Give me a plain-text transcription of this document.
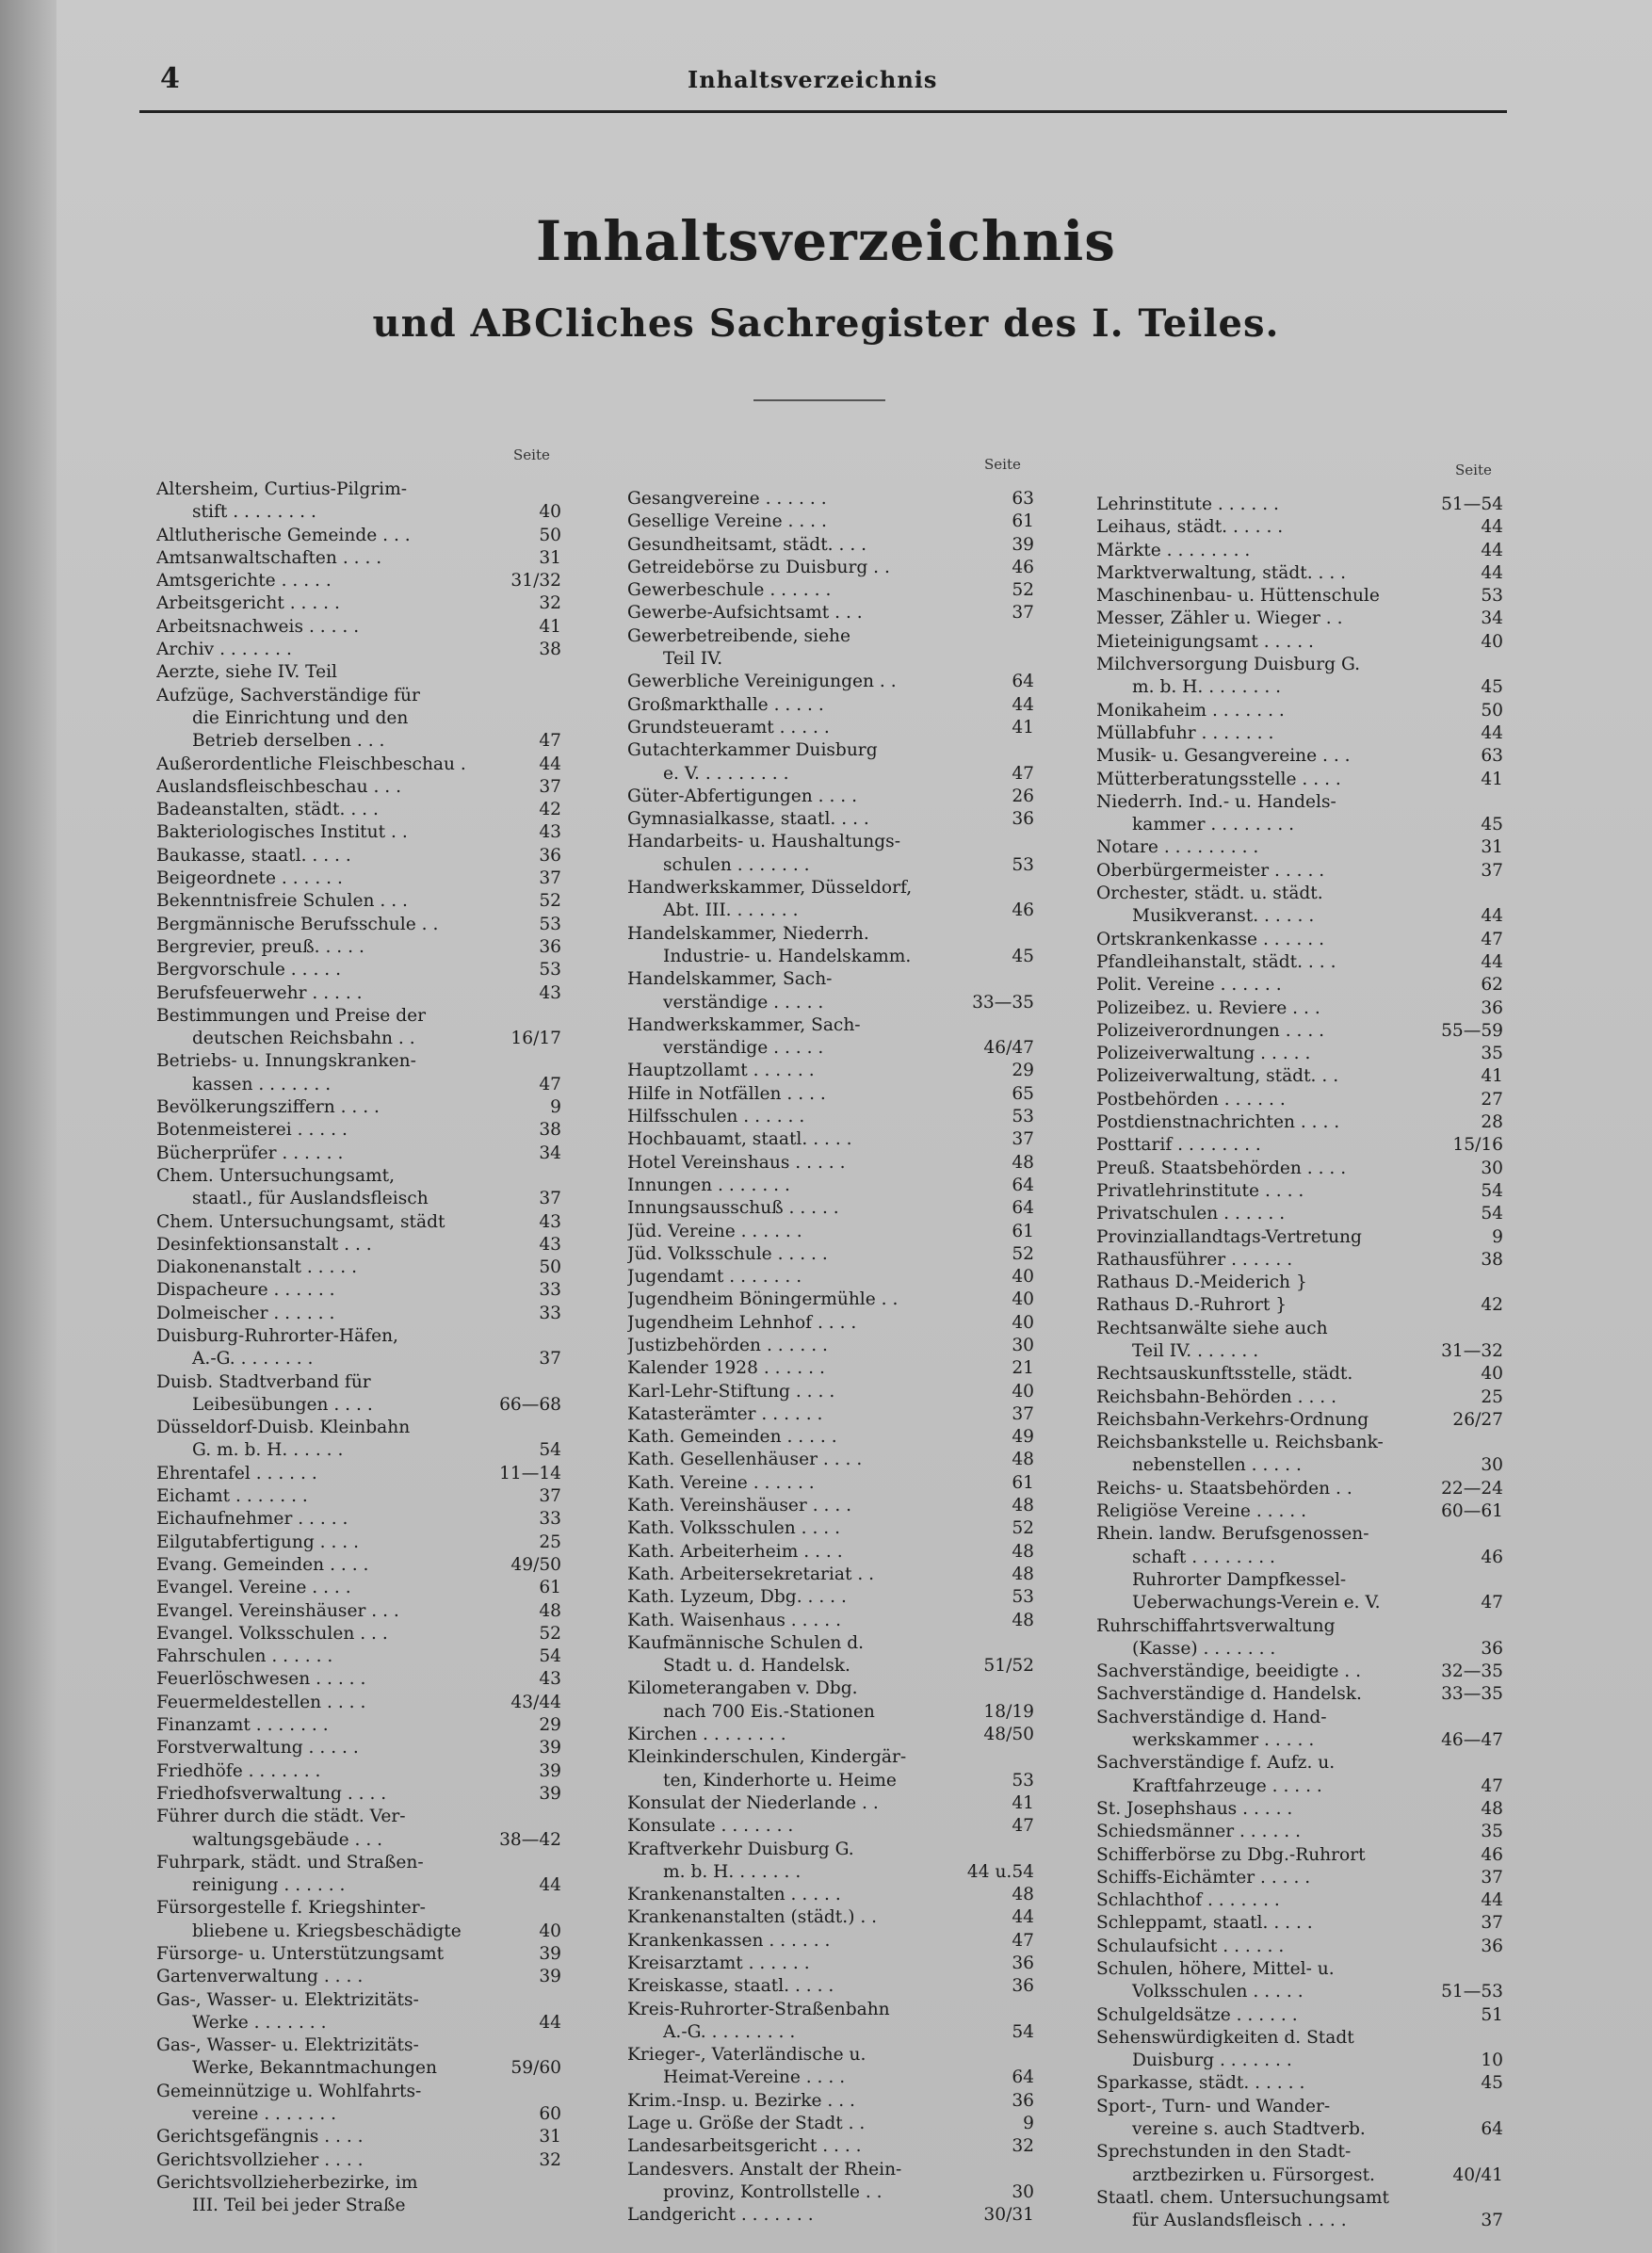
4	Inhaltsverzeichnis
Inhaltsverzeichnis
und ABCliches Sachregister des I. Teiles.
Seite
Seite	Seite
Altersheim, Curtius-Pilgrim-
stift . . . . . . . .	40
Altlutherische Gemeinde . . .	50
Amtsanwaltschaften . . . .	31
Amtsgerichte . . . . .	31/32
Arbeitsgericht . . . . .	32
Arbeitsnachweis . . . . .	41
Archiv . . . . . . .	38
Aerzte, siehe IV. Teil
Aufzüge, Sachverständige für
die Einrichtung und den
Betrieb derselben . . .	47
Außerordentliche Fleischbeschau .	44
Auslandsfleischbeschau . . .	37
Badeanstalten, städt. . . .	42
Bakteriologisches Institut . .	43
Baukasse, staatl. . . . .	36
Beigeordnete . . . . . .	37
Bekenntnisfreie Schulen . . .	52
Bergmännische Berufsschule . .	53
Bergrevier, preuß. . . . .	36
Bergvorschule . . . . .	53
Berufsfeuerwehr . . . . .	43
Bestimmungen und Preise der
deutschen Reichsbahn . .	16/17
Betriebs- u. Innungskranken-
kassen . . . . . . .	47
Bevölkerungsziffern . . . .	9
Botenmeisterei . . . . .	38
Bücherprüfer . . . . . .	34
Chem. Untersuchungsamt,
staatl., für Auslandsfleisch	37
Chem. Untersuchungsamt, städt	43
Desinfektionsanstalt . . .	43
Diakonenanstalt . . . . .	50
Dispacheure . . . . . .	33
Dolmeischer . . . . . .	33
Duisburg-Ruhrorter-Häfen,
A.-G. . . . . . . .	37
Duisb. Stadtverband für
Leibesübungen . . . .	66—68
Düsseldorf-Duisb. Kleinbahn
G. m. b. H. . . . . .	54
Ehrentafel . . . . . .	11—14
Eichamt . . . . . . .	37
Eichaufnehmer . . . . .	33
Eilgutabfertigung . . . .	25
Evang. Gemeinden . . . .	49/50
Evangel. Vereine . . . .	61
Evangel. Vereinshäuser . . .	48
Evangel. Volksschulen . . .	52
Fahrschulen . . . . . .	54
Feuerlöschwesen . . . . .	43
Feuermeldestellen . . . .	43/44
Finanzamt . . . . . . .	29
Forstverwaltung . . . . .	39
Friedhöfe . . . . . . .	39
Friedhofsverwaltung . . . .	39
Führer durch die städt. Ver-
waltungsgebäude . . .	38—42
Fuhrpark, städt. und Straßen-
reinigung . . . . . .	44
Fürsorgestelle f. Kriegshinter-
bliebene u. Kriegsbeschädigte	40
Fürsorge- u. Unterstützungsamt	39
Gartenverwaltung . . . .	39
Gas-, Wasser- u. Elektrizitäts-
Werke . . . . . . .	44
Gas-, Wasser- u. Elektrizitäts-
Werke, Bekanntmachungen	59/60
Gemeinnützige u. Wohlfahrts-
vereine . . . . . . .	60
Gerichtsgefängnis . . . .	31
Gerichtsvollzieher . . . .	32
Gerichtsvollzieherbezirke, im
III. Teil bei jeder Straße
Gesangvereine . . . . . .	63
Gesellige Vereine . . . .	61
Gesundheitsamt, städt. . . .	39
Getreidebörse zu Duisburg . .	46
Gewerbeschule . . . . . .	52
Gewerbe-Aufsichtsamt . . .	37
Gewerbetreibende, siehe
Teil IV.
Gewerbliche Vereinigungen . .	64
Großmarkthalle . . . . .	44
Grundsteueramt . . . . .	41
Gutachterkammer Duisburg
e. V. . . . . . . . .	47
Güter-Abfertigungen . . . .	26
Gymnasialkasse, staatl. . . .	36
Handarbeits- u. Haushaltungs-
schulen . . . . . . .	53
Handwerkskammer, Düsseldorf,
Abt. III. . . . . . .	46
Handelskammer, Niederrh.
Industrie- u. Handelskamm.	45
Handelskammer, Sach-
verständige . . . . .	33—35
Handwerkskammer, Sach-
verständige . . . . .	46/47
Hauptzollamt . . . . . .	29
Hilfe in Notfällen . . . .	65
Hilfsschulen . . . . . .	53
Hochbauamt, staatl. . . . .	37
Hotel Vereinshaus . . . . .	48
Innungen . . . . . . .	64
Innungsausschuß . . . . .	64
Jüd. Vereine . . . . . .	61
Jüd. Volksschule . . . . .	52
Jugendamt . . . . . . .	40
Jugendheim Böningermühle . .	40
Jugendheim Lehnhof . . . .	40
Justizbehörden . . . . . .	30
Kalender 1928 . . . . . .	21
Karl-Lehr-Stiftung . . . .	40
Katasterämter . . . . . .	37
Kath. Gemeinden . . . . .	49
Kath. Gesellenhäuser . . . .	48
Kath. Vereine . . . . . .	61
Kath. Vereinshäuser . . . .	48
Kath. Volksschulen . . . .	52
Kath. Arbeiterheim . . . .	48
Kath. Arbeitersekretariat . .	48
Kath. Lyzeum, Dbg. . . . .	53
Kath. Waisenhaus . . . . .	48
Kaufmännische Schulen d.
Stadt u. d. Handelsk.	51/52
Kilometerangaben v. Dbg.
nach 700 Eis.-Stationen	18/19
Kirchen . . . . . . . .	48/50
Kleinkinderschulen, Kindergär-
ten, Kinderhorte u. Heime	53
Konsulat der Niederlande . .	41
Konsulate . . . . . . .	47
Kraftverkehr Duisburg G.
m. b. H. . . . . . .	44 u.54
Krankenanstalten . . . . .	48
Krankenanstalten (städt.) . .	44
Krankenkassen . . . . . .	47
Kreisarztamt . . . . . .	36
Kreiskasse, staatl. . . . .	36
Kreis-Ruhrorter-Straßenbahn
A.-G. . . . . . . . .	54
Krieger-, Vaterländische u.
Heimat-Vereine . . . .	64
Krim.-Insp. u. Bezirke . . .	36
Lage u. Größe der Stadt . .	9
Landesarbeitsgericht . . . .	32
Landesvers. Anstalt der Rhein-
provinz, Kontrollstelle . .	30
Landgericht . . . . . . .	30/31
Lehrinstitute . . . . . .	51—54
Leihaus, städt. . . . . .	44
Märkte . . . . . . . .	44
Marktverwaltung, städt. . . .	44
Maschinenbau- u. Hüttenschule	53
Messer, Zähler u. Wieger . .	34
Mieteinigungsamt . . . . .	40
Milchversorgung Duisburg G.
m. b. H. . . . . . . .	45
Monikaheim . . . . . . .	50
Müllabfuhr . . . . . . .	44
Musik- u. Gesangvereine . . .	63
Mütterberatungsstelle . . . .	41
Niederrh. Ind.- u. Handels-
kammer . . . . . . . .	45
Notare . . . . . . . . .	31
Oberbürgermeister . . . . .	37
Orchester, städt. u. städt.
Musikveranst. . . . . .	44
Ortskrankenkasse . . . . . .	47
Pfandleihanstalt, städt. . . .	44
Polit. Vereine . . . . . .	62
Polizeibez. u. Reviere . . .	36
Polizeiverordnungen . . . .	55—59
Polizeiverwaltung . . . . .	35
Polizeiverwaltung, städt. . .	41
Postbehörden . . . . . .	27
Postdienstnachrichten . . . .	28
Posttarif . . . . . . . .	15/16
Preuß. Staatsbehörden . . . .	30
Privatlehrinstitute . . . .	54
Privatschulen . . . . . .	54
Provinziallandtags-Vertretung	9
Rathausführer . . . . . .	38
Rathaus D.-Meiderich }
Rathaus D.-Ruhrort }	42
Rechtsanwälte siehe auch
Teil IV. . . . . . .	31—32
Rechtsauskunftsstelle, städt.	40
Reichsbahn-Behörden . . . .	25
Reichsbahn-Verkehrs-Ordnung	26/27
Reichsbankstelle u. Reichsbank-
nebenstellen . . . . .	30
Reichs- u. Staatsbehörden . .	22—24
Religiöse Vereine . . . . .	60—61
Rhein. landw. Berufsgenossen-
schaft . . . . . . . .	46
Ruhrorter Dampfkessel-
Ueberwachungs-Verein e. V.	47
Ruhrschiffahrtsverwaltung
(Kasse) . . . . . . .	36
Sachverständige, beeidigte . .	32—35
Sachverständige d. Handelsk.	33—35
Sachverständige d. Hand-
werkskammer . . . . .	46—47
Sachverständige f. Aufz. u.
Kraftfahrzeuge . . . . .	47
St. Josephshaus . . . . .	48
Schiedsmänner . . . . . .	35
Schifferbörse zu Dbg.-Ruhrort	46
Schiffs-Eichämter . . . . .	37
Schlachthof . . . . . . .	44
Schleppamt, staatl. . . . .	37
Schulaufsicht . . . . . .	36
Schulen, höhere, Mittel- u.
Volksschulen . . . . .	51—53
Schulgeldsätze . . . . . .	51
Sehenswürdigkeiten d. Stadt
Duisburg . . . . . . .	10
Sparkasse, städt. . . . . .	45
Sport-, Turn- und Wander-
vereine s. auch Stadtverb.	64
Sprechstunden in den Stadt-
arztbezirken u. Fürsorgest.	40/41
Staatl. chem. Untersuchungsamt
für Auslandsfleisch . . . .	37
